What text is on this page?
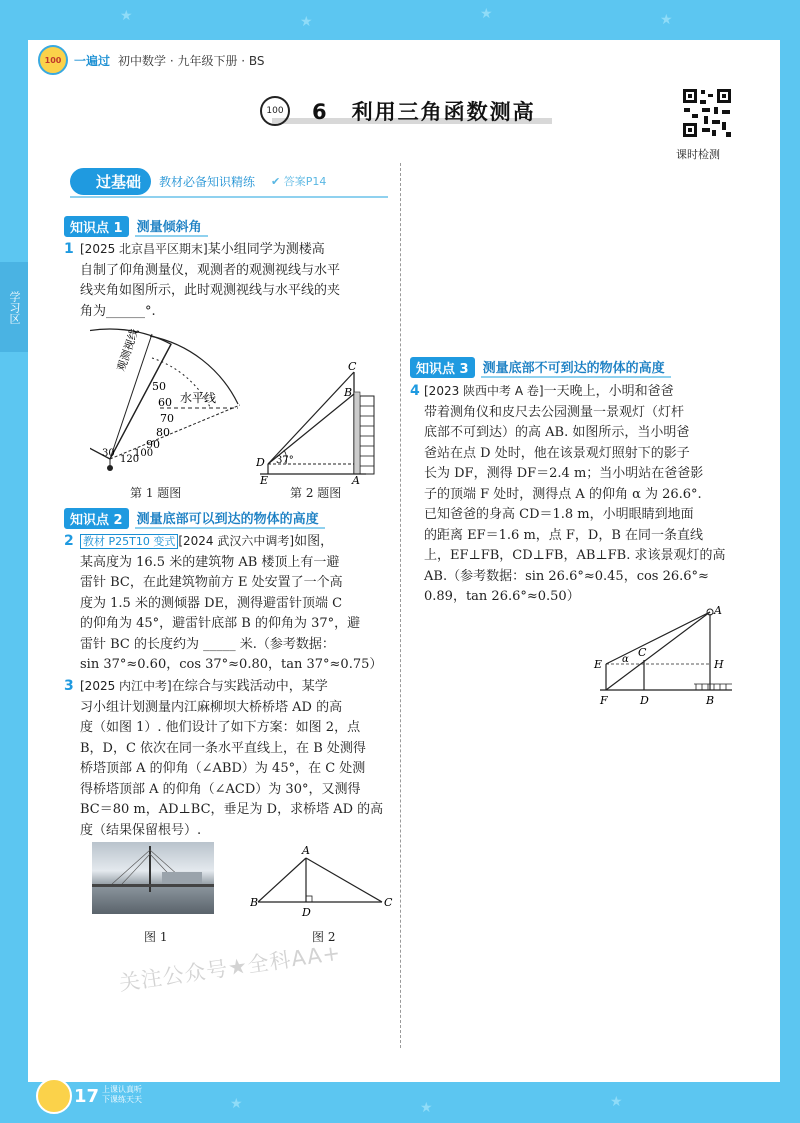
★	★	★	★
★	★	★
100	一遍过 初中数学 · 九年级下册 · BS
100	6　利用三角函数测高
课时检测
学习区
过基础	教材必备知识精练 ✔ 答案P14
知识点 1	测量倾斜角
1 [2025 北京昌平区期末]某小组同学为测楼高
自制了仰角测量仪，观测者的观测视线与水平
线夹角如图所示，此时观测视线与水平线的夹
角为______°.
观测视线
50
60
70
80
90
100
120
30
水平线
第 1 题图
C
B
D 37°
E	A
第 2 题图
知识点 2	测量底部可以到达的物体的高度
2 教材 P25T10 变式 [2024 武汉六中调考]如图，
某高度为 16.5 米的建筑物 AB 楼顶上有一避
雷针 BC，在此建筑物前方 E 处安置了一个高
度为 1.5 米的测倾器 DE，测得避雷针顶端 C
的仰角为 45°，避雷针底部 B 的仰角为 37°，避
雷针 BC 的长度约为 _____ 米.（参考数据：
sin 37°≈0.60，cos 37°≈0.80，tan 37°≈0.75）
3 [2025 内江中考]在综合与实践活动中，某学
习小组计划测量内江麻柳坝大桥桥塔 AD 的高
度（如图 1）. 他们设计了如下方案：如图 2，点
B，D，C 依次在同一条水平直线上，在 B 处测得
桥塔顶部 A 的仰角（∠ABD）为 45°，在 C 处测
得桥塔顶部 A 的仰角（∠ACD）为 30°，又测得
BC＝80 m，AD⊥BC，垂足为 D，求桥塔 AD 的高
度（结果保留根号）.
图 1
A
B
D
C
图 2
知识点 3	测量底部不可到达的物体的高度
4 [2023 陕西中考 A 卷]一天晚上，小明和爸爸
带着测角仪和皮尺去公园测量一景观灯（灯杆
底部不可到达）的高 AB. 如图所示，当小明爸
爸站在点 D 处时，他在该景观灯照射下的影子
长为 DF，测得 DF＝2.4 m；当小明站在爸爸影
子的顶端 F 处时，测得点 A 的仰角 α 为 26.6°.
已知爸爸的身高 CD＝1.8 m，小明眼睛到地面
的距离 EF＝1.6 m，点 F，D，B 在同一条直线
上，EF⊥FB，CD⊥FB，AB⊥FB. 求该景观灯的高
AB.（参考数据：sin 26.6°≈0.45，cos 26.6°≈
0.89，tan 26.6°≈0.50）
A
E α
C
H
F	D	B
关注公众号★全科AA+
17 上课认真听 下课练天天
